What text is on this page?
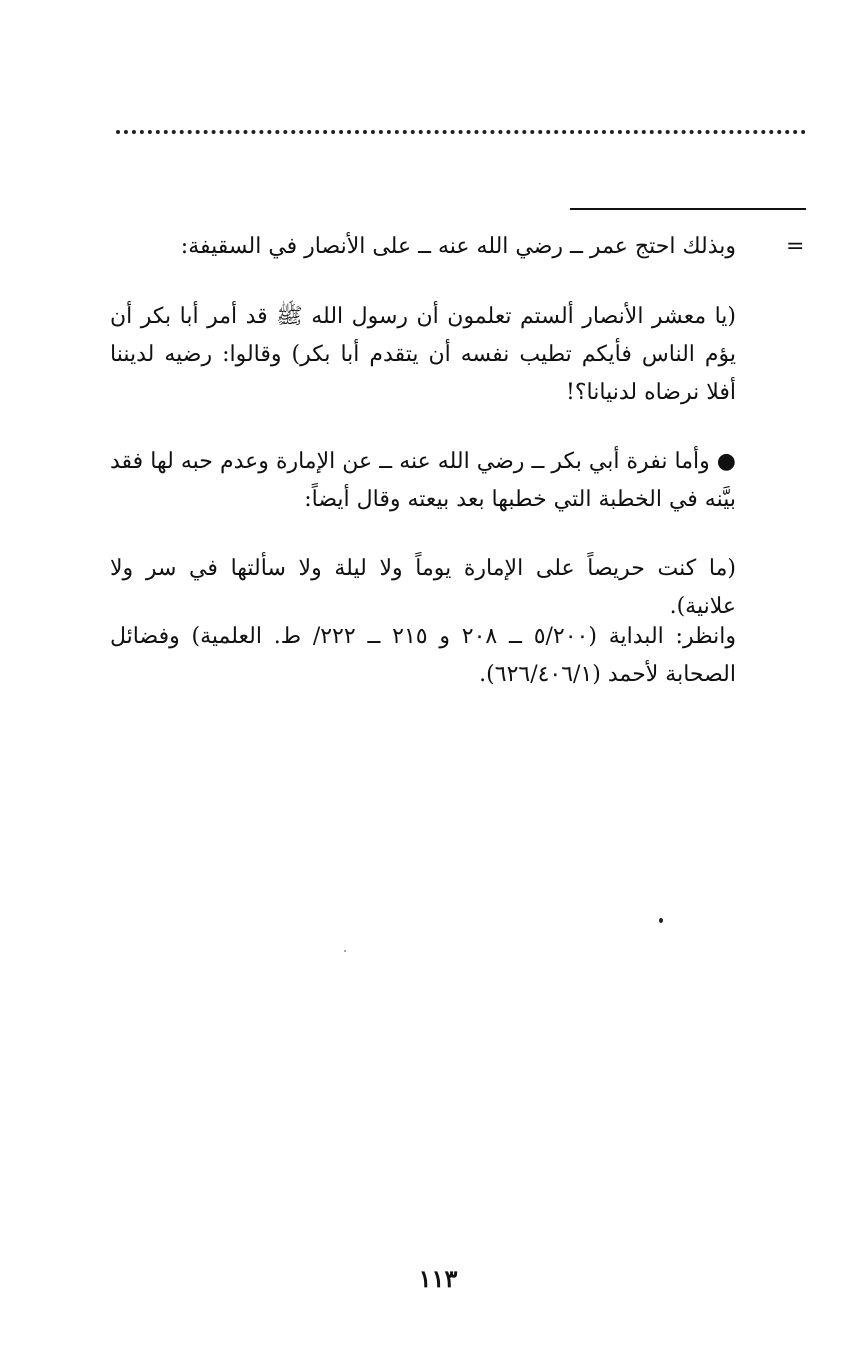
=
وبذلك احتج عمر ــ رضي الله عنه ــ على الأنصار في السقيفة:
(يا معشر الأنصار ألستم تعلمون أن رسول الله ﷺ قد أمر أبا بكر أن يؤم الناس فأيكم تطيب نفسه أن يتقدم أبا بكر) وقالوا: رضيه لديننا أفلا نرضاه لدنيانا؟!
● وأما نفرة أبي بكر ــ رضي الله عنه ــ عن الإمارة وعدم حبه لها فقد بيَّنه في الخطبة التي خطبها بعد بيعته وقال أيضاً:
(ما كنت حريصاً على الإمارة يوماً ولا ليلة ولا سألتها في سر ولا علانية).
وانظر: البداية (٥/٢٠٠ ــ ٢٠٨ و ٢١٥ ــ ٢٢٢/ ط. العلمية) وفضائل الصحابة لأحمد (٦٢٦/٤٠٦/١).
١١٣
